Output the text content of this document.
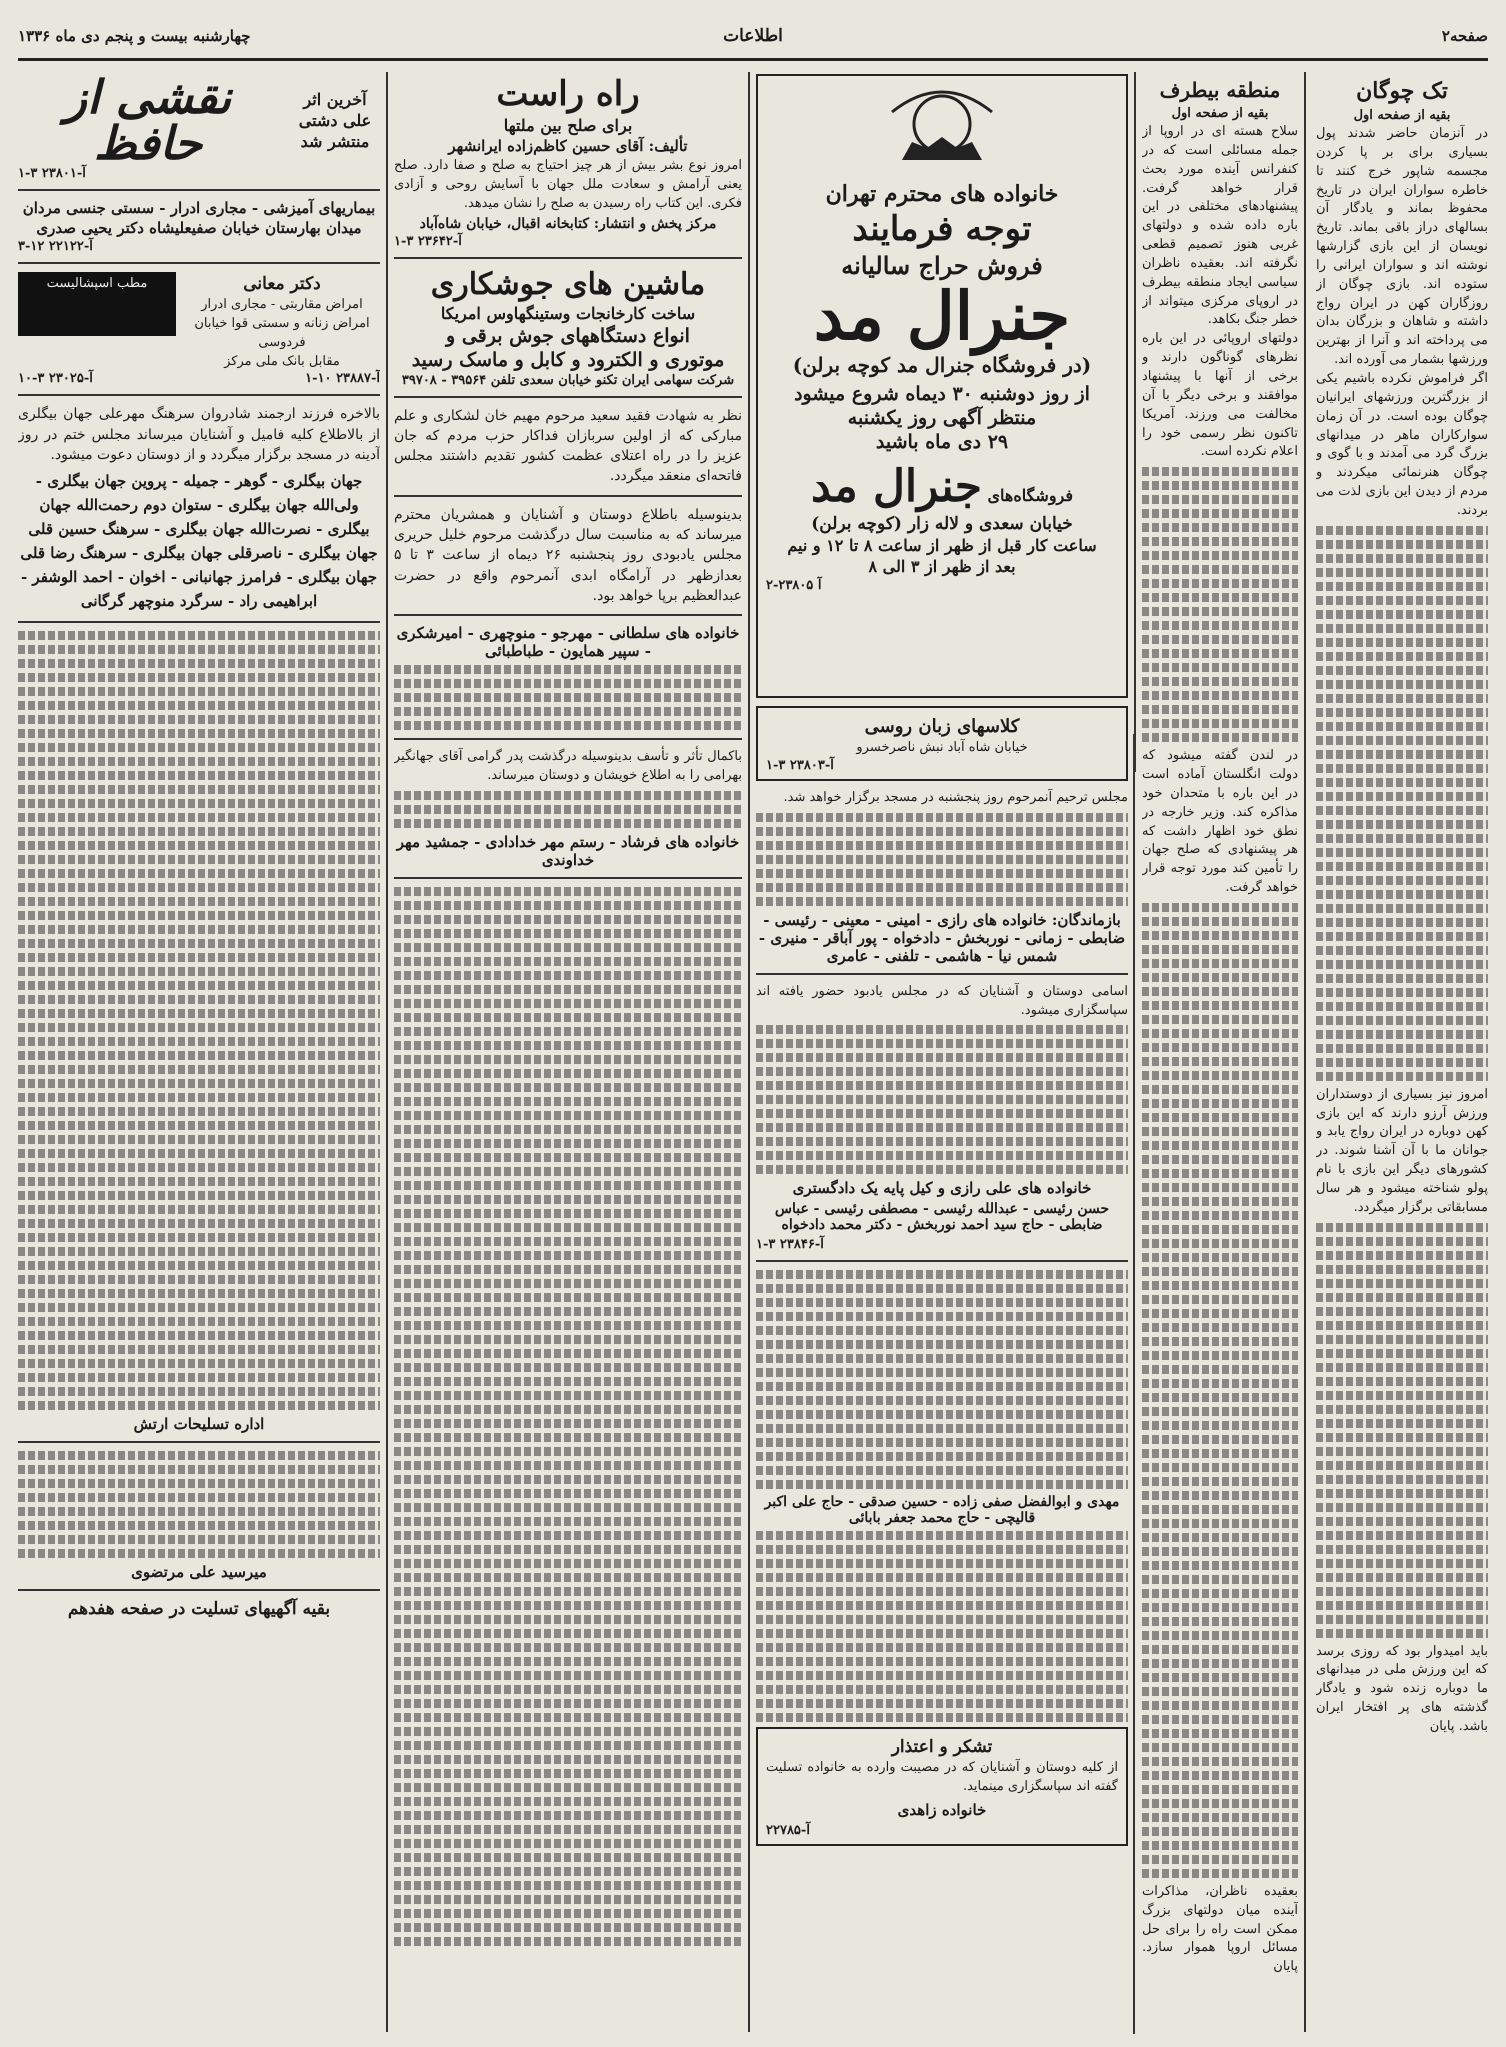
صفحه۲
اطلاعات
چهارشنبه بیست و پنجم دی ماه ۱۳۳۶
تک چوگان
بقیه از صفحه اول
در آنزمان حاضر شدند پول بسیاری برای بر پا کردن مجسمه شاپور خرج کنند تا خاطره سواران ایران در تاریخ محفوظ بماند و یادگار آن بسالهای دراز باقی بماند. تاریخ نویسان از این بازی گزارشها نوشته اند و سواران ایرانی را ستوده اند. بازی چوگان از روزگاران کهن در ایران رواج داشته و شاهان و بزرگان بدان می پرداخته اند و آنرا از بهترین ورزشها بشمار می آورده اند.
اگر فراموش نکرده باشیم یکی از بزرگترین ورزشهای ایرانیان چوگان بوده است. در آن زمان سوارکاران ماهر در میدانهای بزرگ گرد می آمدند و با گوی و چوگان هنرنمائی میکردند و مردم از دیدن این بازی لذت می بردند.
امروز نیز بسیاری از دوستداران ورزش آرزو دارند که این بازی کهن دوباره در ایران رواج یابد و جوانان ما با آن آشنا شوند. در کشورهای دیگر این بازی با نام پولو شناخته میشود و هر سال مسابقاتی برگزار میگردد.
باید امیدوار بود که روزی برسد که این ورزش ملی در میدانهای ما دوباره زنده شود و یادگار گذشته های پر افتخار ایران باشد. پایان
منطقه بیطرف
بقیه از صفحه اول
سلاح هسته ای در اروپا از جمله مسائلی است که در کنفرانس آینده مورد بحث قرار خواهد گرفت. پیشنهادهای مختلفی در این باره داده شده و دولتهای غربی هنوز تصمیم قطعی نگرفته اند. بعقیده ناظران سیاسی ایجاد منطقه بیطرف در اروپای مرکزی میتواند از خطر جنگ بکاهد.
دولتهای اروپائی در این باره نظرهای گوناگون دارند و برخی از آنها با پیشنهاد موافقند و برخی دیگر با آن مخالفت می ورزند. آمریکا تاکنون نظر رسمی خود را اعلام نکرده است.
در لندن گفته میشود که دولت انگلستان آماده است در این باره با متحدان خود مذاکره کند. وزیر خارجه در نطق خود اظهار داشت که هر پیشنهادی که صلح جهان را تأمین کند مورد توجه قرار خواهد گرفت.
بعقیده ناظران، مذاکرات آینده میان دولتهای بزرگ ممکن است راه را برای حل مسائل اروپا هموار سازد. پایان
خانواده های محترم تهران
توجه فرمایند
فروش حراج سالیانه
جنرال مد
(در فروشگاه جنرال مد کوچه برلن)
از روز دوشنبه ۳۰ دیماه شروع میشود
منتظر آگهی روز یکشنبه
۲۹ دی ماه باشید
فروشگاه‌های جنرال مد
خیابان سعدی و لاله زار (کوچه برلن)
ساعت کار قبل از ظهر از ساعت ۸ تا ۱۲ و نیم
بعد از ظهر از ۳ الی ۸
۲-۲۳۸۰۵ آ
کلاسهای زبان روسی
خیابان شاه آباد نبش ناصرخسرو
آ-۲۳۸۰۳ ۳-۱
مجلس ترحیم آنمرحوم روز پنجشنبه در مسجد برگزار خواهد شد.
بازماندگان: خانواده های رازی - امینی - معینی - رئیسی - ضابطی - زمانی - نوربخش - دادخواه - پور آباقر - منیری - شمس نیا - هاشمی - تلفنی - عامری
اسامی دوستان و آشنایان که در مجلس یادبود حضور یافته اند سپاسگزاری میشود.
خانواده های علی رازی و کیل پایه یک دادگستری
حسن رئیسی - عبدالله رئیسی - مصطفی رئیسی - عباس ضابطی - حاج سید احمد نوربخش - دکتر محمد دادخواه
آ-۲۳۸۴۶ ۳-۱
مهدی و ابوالفضل صفی زاده - حسین صدقی - حاج علی اکبر قالیچی - حاج محمد جعفر بابائی
تشکر و اعتذار
از کلیه دوستان و آشنایان که در مصیبت وارده به خانواده تسلیت گفته اند سپاسگزاری مینماید.
خانواده زاهدی
آ-۲۲۷۸۵
راه راست
برای صلح بین ملتها
تألیف: آقای حسین کاظم‌زاده ایرانشهر
امروز نوع بشر بیش از هر چیز احتیاج به صلح و صفا دارد. صلح یعنی آرامش و سعادت ملل جهان با آسایش روحی و آزادی فکری. این کتاب راه رسیدن به صلح را نشان میدهد.
مرکز پخش و انتشار: کتابخانه اقبال، خیابان شاه‌آباد
آ-۲۳۶۴۲ ۳-۱
ماشین های جوشکاری
ساخت کارخانجات وستینگهاوس امریکا
انواع دستگاههای جوش برقی و
موتوری و الکترود و کابل و ماسک رسید
شرکت سهامی ایران تکنو خیابان سعدی تلفن ۳۹۵۶۴ - ۳۹۷۰۸
نظر به شهادت فقید سعید مرحوم مهیم خان لشکاری و علم مبارکی که از اولین سربازان فداکار حزب مردم که جان عزیز را در راه اعتلای عظمت کشور تقدیم داشتند مجلس فاتحه‌ای منعقد میگردد.
بدینوسیله باطلاع دوستان و آشنایان و همشریان محترم میرساند که به مناسبت سال درگذشت مرحوم خلیل حریری مجلس یادبودی روز پنجشنبه ۲۶ دیماه از ساعت ۳ تا ۵ بعدازظهر در آرامگاه ابدی آنمرحوم واقع در حضرت عبدالعظیم برپا خواهد بود.
خانواده های سلطانی - مهرجو - منوچهری - امیرشکری - سپیر همایون - طباطبائی
باکمال تأثر و تأسف بدینوسیله درگذشت پدر گرامی آقای جهانگیر بهرامی را به اطلاع خویشان و دوستان میرساند.
خانواده های فرشاد - رستم مهر خدادادی - جمشید مهر خداوندی
آخرین اثر
علی دشتی
منتشر شد
نقشی از حافظ
آ-۲۳۸۰۱ ۳-۱
بیماریهای آمیزشی - مجاری ادرار - سستی جنسی مردان
میدان بهارستان خیابان صفیعلیشاه دکتر یحیی صدری
آ-۲۲۱۲۲ ۱۲-۳
دکتر معانی
امراض مقاربتی - مجاری ادرار
امراض زنانه و سستی قوا خیابان فردوسی
مقابل بانک ملی مرکز
مطب اسپشالیست
آ-۲۳۸۸۷ ۱۰-۱
آ-۲۳۰۲۵ ۳-۱۰
بالاخره فرزند ارجمند شادروان سرهنگ مهرعلی جهان بیگلری از بالاطلاع کلیه فامیل و آشنایان میرساند مجلس ختم در روز آدینه در مسجد برگزار میگردد و از دوستان دعوت میشود.
جهان بیگلری - گوهر - جمیله - پروین جهان بیگلری - ولی‌الله جهان بیگلری - ستوان دوم رحمت‌الله جهان بیگلری - نصرت‌الله جهان بیگلری - سرهنگ حسین قلی جهان بیگلری - ناصرقلی جهان بیگلری - سرهنگ رضا قلی جهان بیگلری - فرامرز جهانبانی - اخوان - احمد الوشفر - ابراهیمی راد - سرگرد منوچهر گرگانی
اداره تسلیحات ارتش
میرسید علی مرتضوی
بقیه آگهیهای تسلیت در صفحه هفدهم
